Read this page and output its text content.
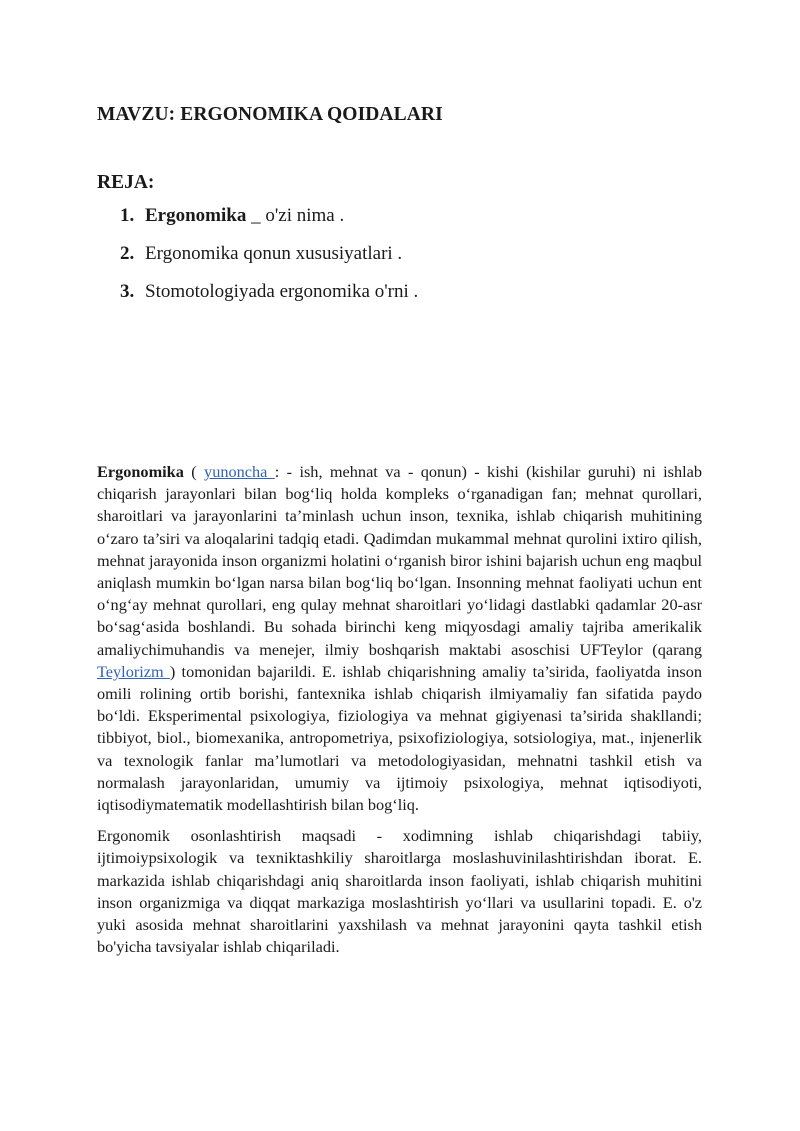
MAVZU: ERGONOMIKA QOIDALARI
REJA:
1. Ergonomika _ o'zi nima .
2. Ergonomika qonun xususiyatlari .
3. Stomotologiyada ergonomika o'rni .

Ergonomika ( yunoncha : - ish, mehnat va - qonun) - kishi (kishilar guruhi) ni ishlab chiqarish jarayonlari bilan bog‘liq holda kompleks o‘rganadigan fan; mehnat qurollari, sharoitlari va jarayonlarini ta’minlash uchun inson, texnika, ishlab chiqarish muhitining o‘zaro ta’siri va aloqalarini tadqiq etadi. Qadimdan mukammal mehnat qurolini ixtiro qilish, mehnat jarayonida inson organizmi holatini o‘rganish biror ishini bajarish uchun eng maqbul aniqlash mumkin bo‘lgan narsa bilan bog‘liq bo‘lgan. Insonning mehnat faoliyati uchun ent o‘ng‘ay mehnat qurollari, eng qulay mehnat sharoitlari yo‘lidagi dastlabki qadamlar 20-asr bo‘sag‘asida boshlandi. Bu sohada birinchi keng miqyosdagi amaliy tajriba amerikalik amaliychimuhandis va menejer, ilmiy boshqarish maktabi asoschisi UFTeylor (qarang Teylorizm ) tomonidan bajarildi. E. ishlab chiqarishning amaliy ta’sirida, faoliyatda inson omili rolining ortib borishi, fantexnika ishlab chiqarish ilmiyamaliy fan sifatida paydo bo‘ldi. Eksperimental psixologiya, fiziologiya va mehnat gigiyenasi ta’sirida shakllandi; tibbiyot, biol., biomexanika, antropometriya, psixofiziologiya, sotsiologiya, mat., injenerlik va texnologik fanlar ma’lumotlari va metodologiyasidan, mehnatni tashkil etish va normalash jarayonlaridan, umumiy va ijtimoiy psixologiya, mehnat iqtisodiyoti, iqtisodiymatematik modellashtirish bilan bog‘liq.

Ergonomik osonlashtirish maqsadi - xodimning ishlab chiqarishdagi tabiiy, ijtimoiypsixologik va texniktashkiliy sharoitlarga moslashuvinilashtirishdan iborat. E. markazida ishlab chiqarishdagi aniq sharoitlarda inson faoliyati, ishlab chiqarish muhitini inson organizmiga va diqqat markaziga moslashtirish yo‘llari va usullarini topadi. E. o'z yuki asosida mehnat sharoitlarini yaxshilash va mehnat jarayonini qayta tashkil etish bo'yicha tavsiyalar ishlab chiqariladi.
